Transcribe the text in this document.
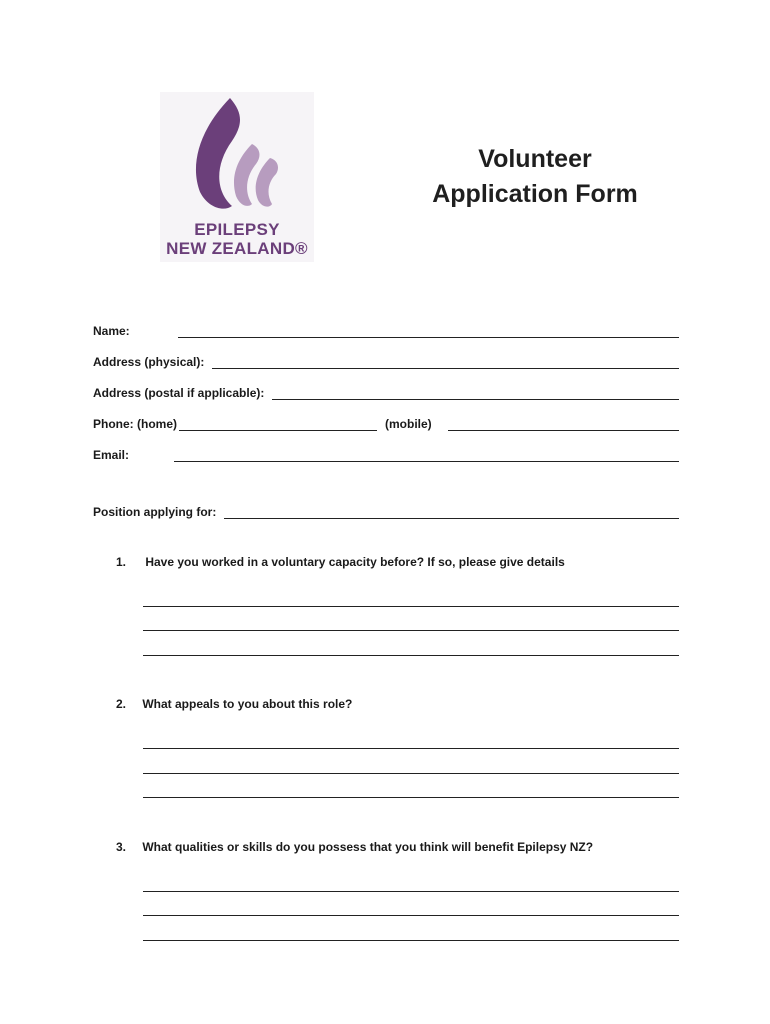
EPILEPSY
NEW ZEALAND®
Volunteer
Application Form
Name:
Address (physical):
Address (postal if applicable):
Phone: (home)	(mobile)
Email:
Position applying for:
1. Have you worked in a voluntary capacity before? If so, please give details
2. What appeals to you about this role?
3. What qualities or skills do you possess that you think will benefit Epilepsy NZ?
